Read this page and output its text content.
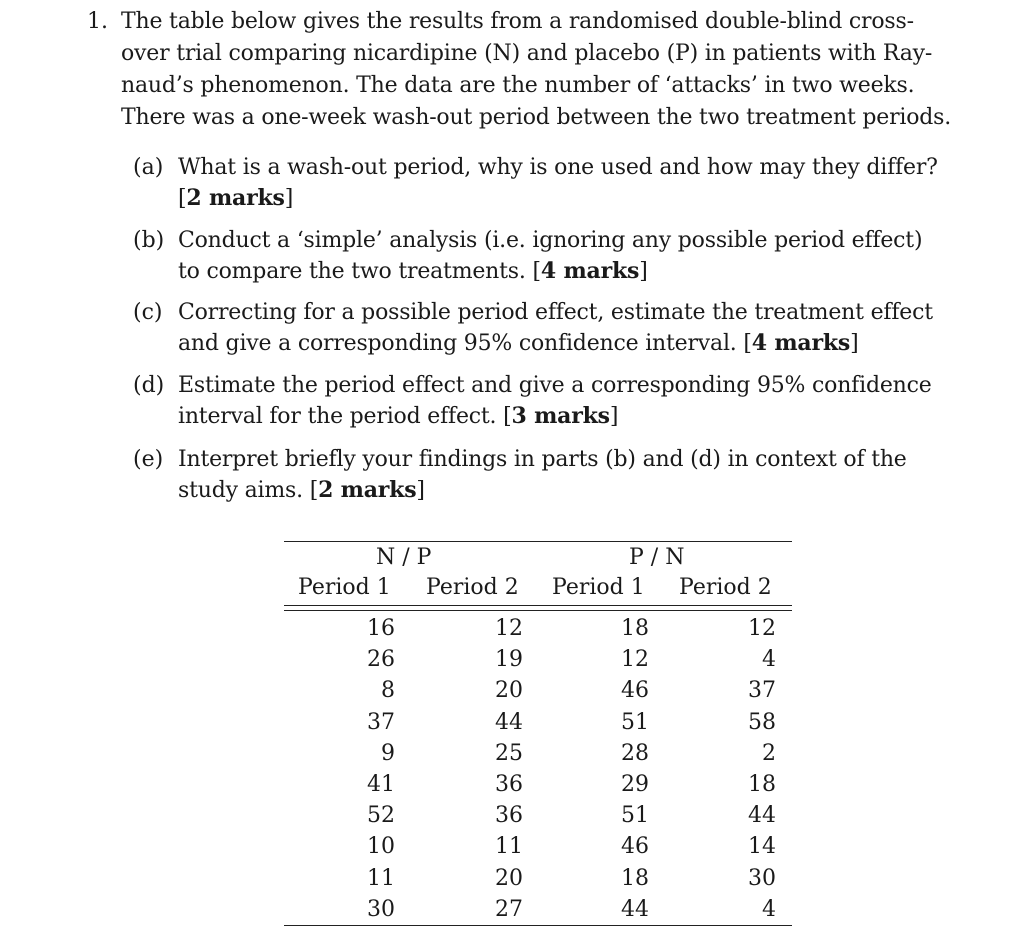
1. The table below gives the results from a randomised double-blind cross-
over trial comparing nicardipine (N) and placebo (P) in patients with Ray-
naud’s phenomenon. The data are the number of ‘attacks’ in two weeks.
There was a one-week wash-out period between the two treatment periods.
(a) What is a wash-out period, why is one used and how may they differ?
[2 marks]
(b) Conduct a ‘simple’ analysis (i.e. ignoring any possible period effect)
to compare the two treatments. [4 marks]
(c) Correcting for a possible period effect, estimate the treatment effect
and give a corresponding 95% confidence interval. [4 marks]
(d) Estimate the period effect and give a corresponding 95% confidence
interval for the period effect. [3 marks]
(e) Interpret briefly your findings in parts (b) and (d) in context of the
study aims. [2 marks]
N / P	P / N
Period 1 Period 2 Period 1 Period 2
16	12	18	12
26	19	12	4
8	20	46	37
37	44	51	58
9	25	28	2
41	36	29	18
52	36	51	44
10	11	46	14
11	20	18	30
30	27	44	4
